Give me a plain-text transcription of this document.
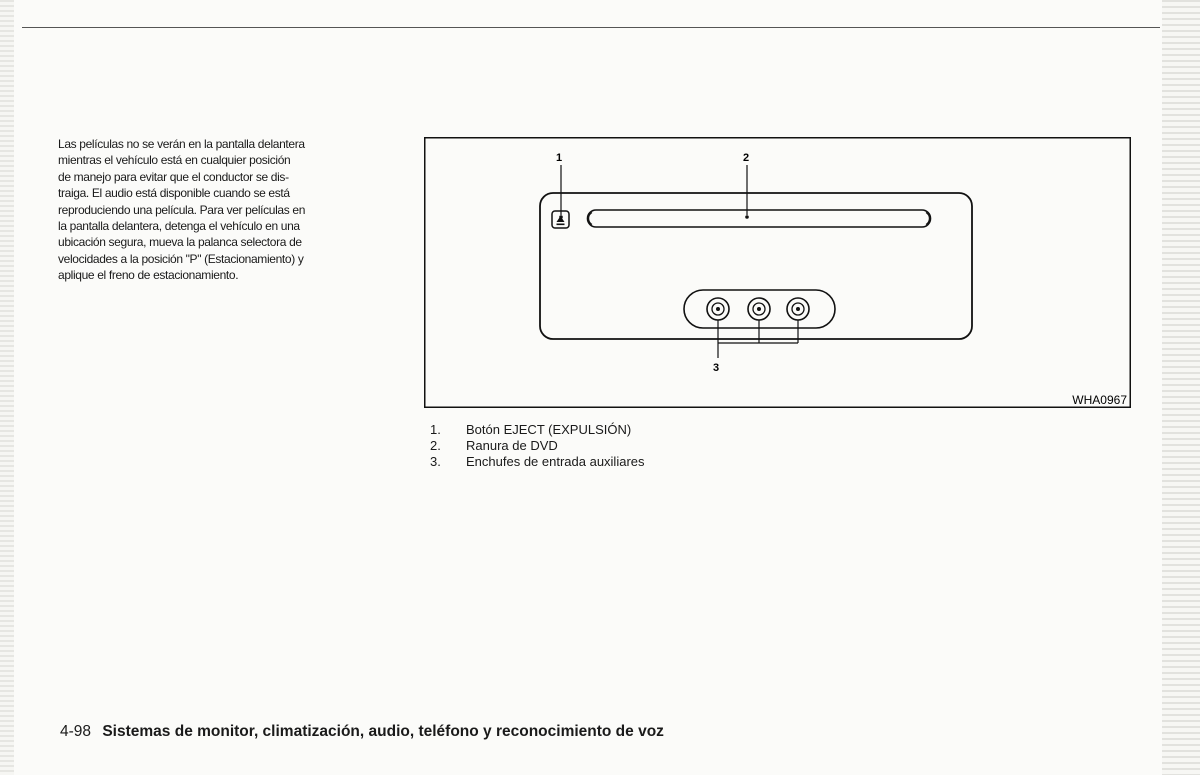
Las películas no se verán en la pantalla delantera
mientras el vehículo está en cualquier posición
de manejo para evitar que el conductor se dis-
traiga. El audio está disponible cuando se está
reproduciendo una película. Para ver películas en
la pantalla delantera, detenga el vehículo en una
ubicación segura, mueva la palanca selectora de
velocidades a la posición "P" (Estacionamiento) y
aplique el freno de estacionamiento.

1	2
3
WHA0967
1.	Botón EJECT (EXPULSIÓN)
2.	Ranura de DVD
3.	Enchufes de entrada auxiliares
4-98 Sistemas de monitor, climatización, audio, teléfono y reconocimiento de voz
